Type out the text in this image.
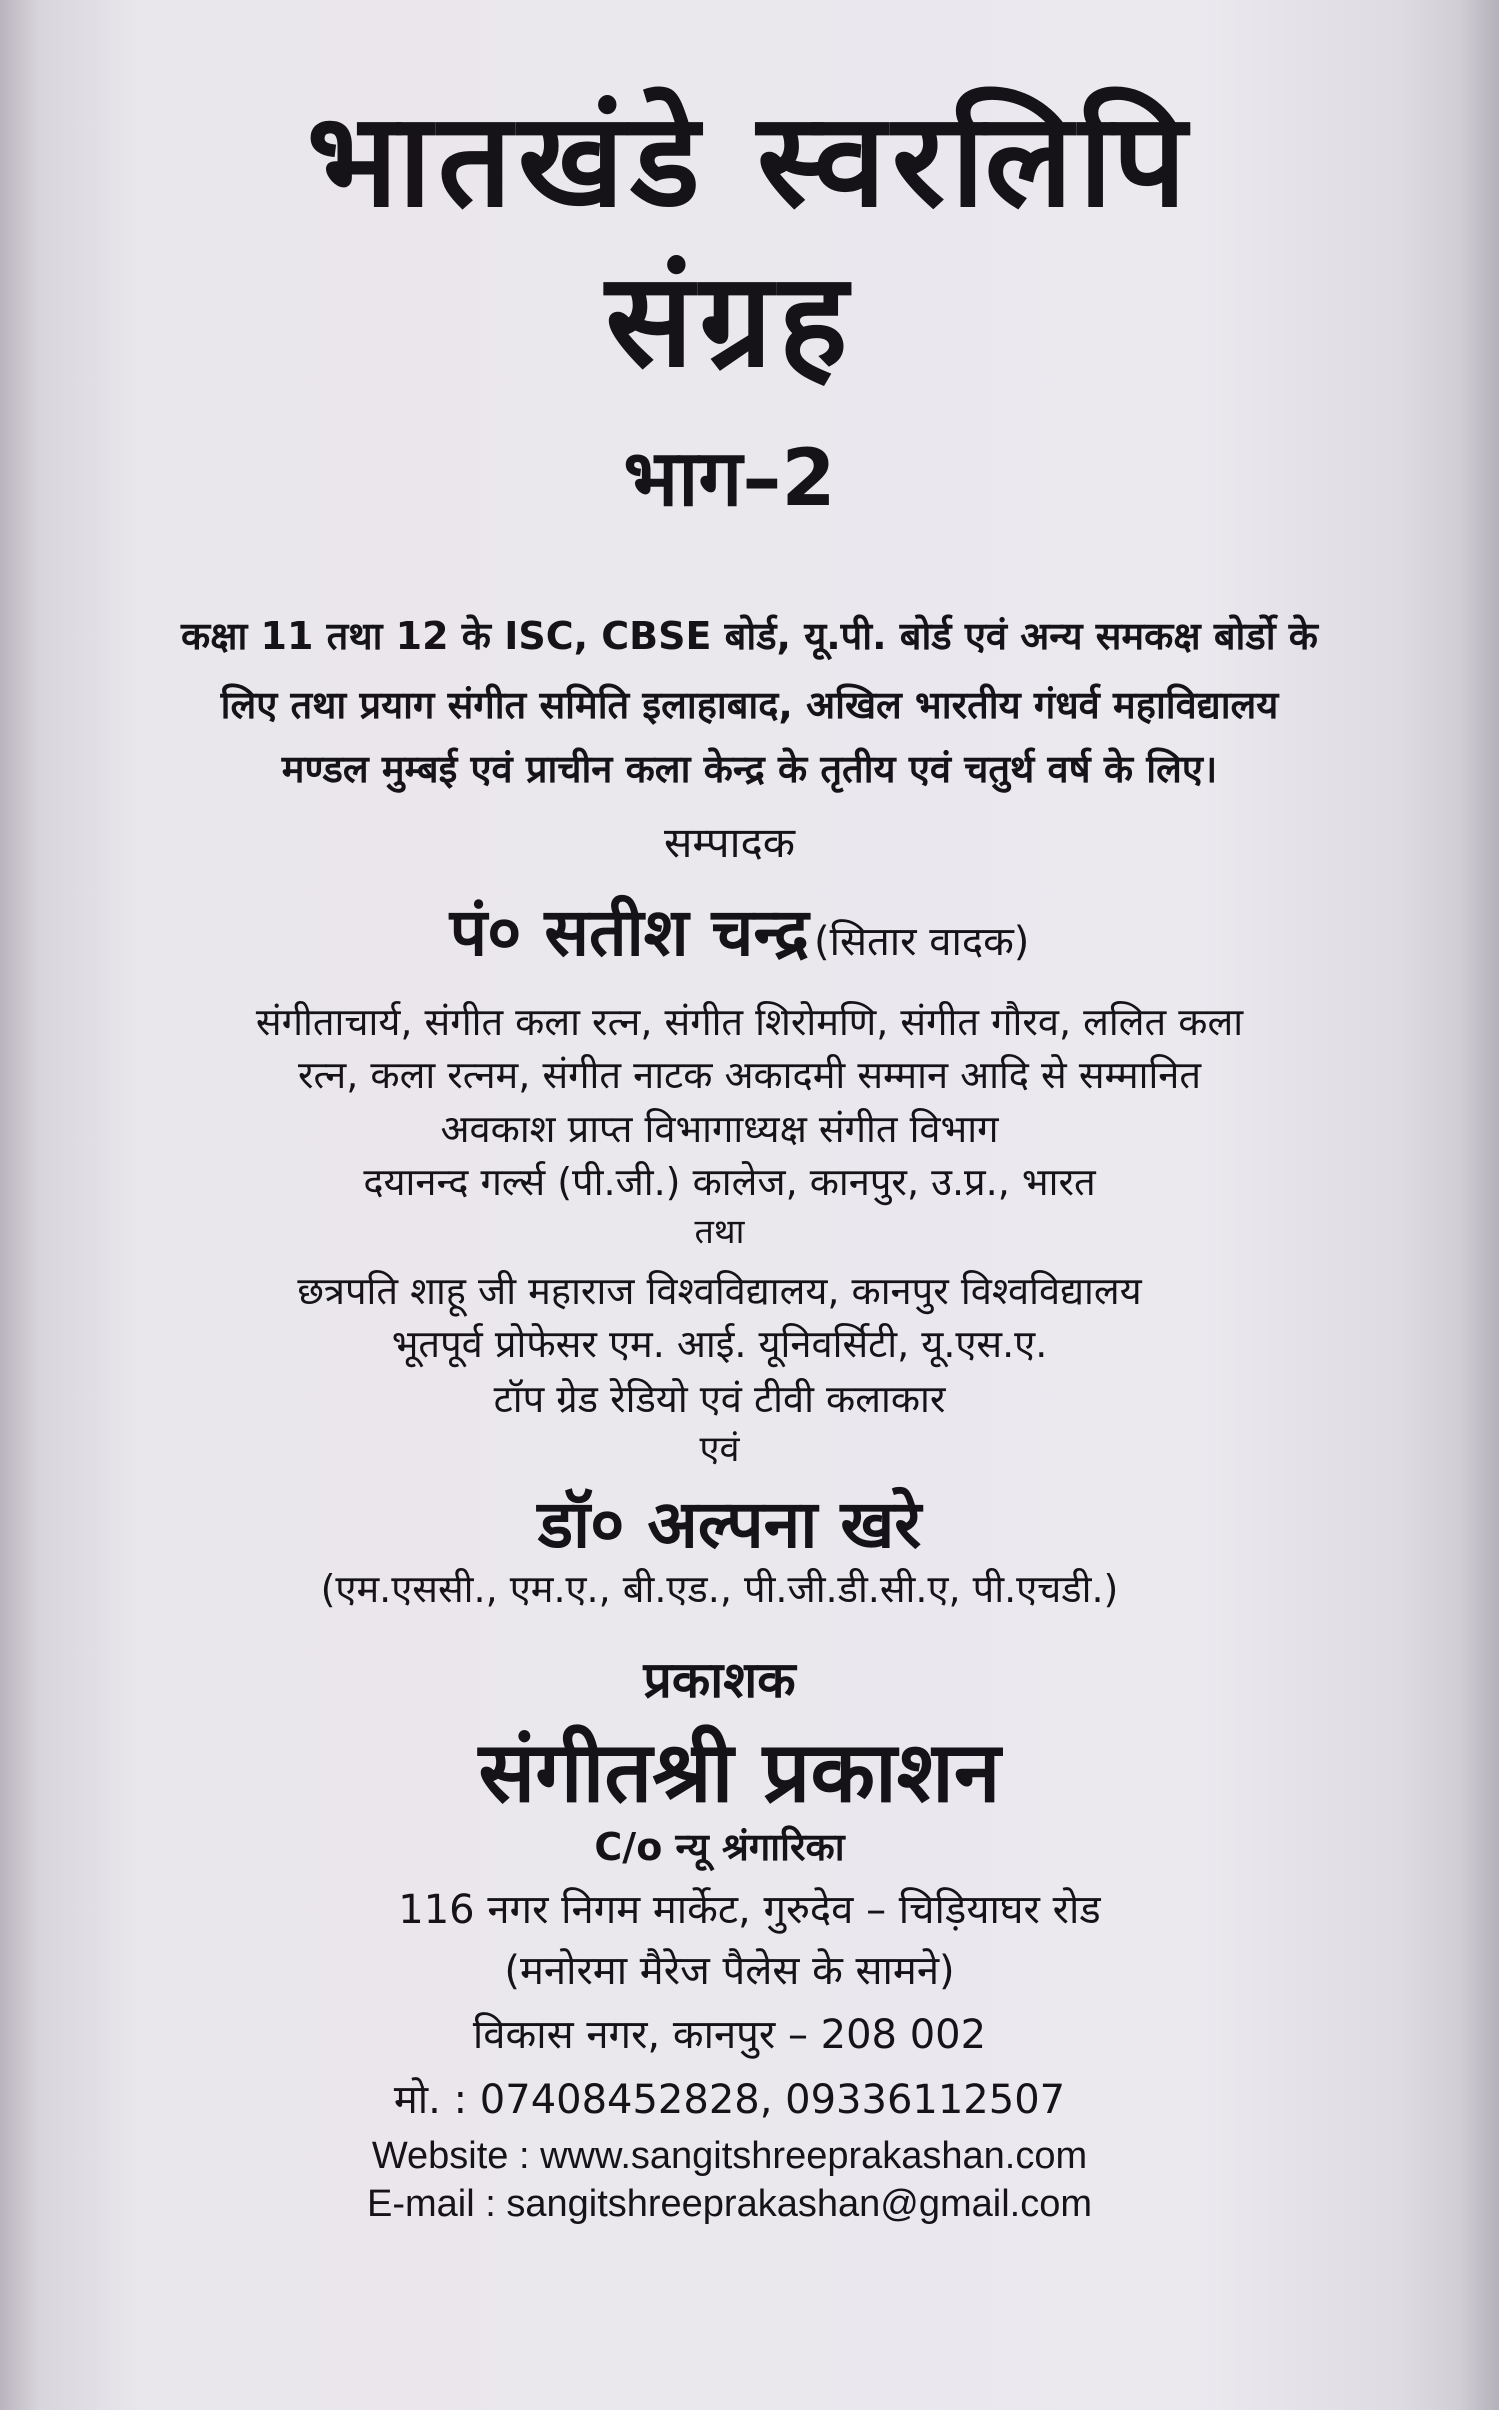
भातखंडे स्वरलिपि
संग्रह
भाग–2
कक्षा 11 तथा 12 के ISC, CBSE बोर्ड, यू.पी. बोर्ड एवं अन्य समकक्ष बोर्डो के
लिए तथा प्रयाग संगीत समिति इलाहाबाद, अखिल भारतीय गंधर्व महाविद्यालय
मण्डल मुम्बई एवं प्राचीन कला केन्द्र के तृतीय एवं चतुर्थ वर्ष के लिए।
सम्पादक
पं० सतीश चन्द्र (सितार वादक)
संगीताचार्य, संगीत कला रत्न, संगीत शिरोमणि, संगीत गौरव, ललित कला
रत्न, कला रत्नम, संगीत नाटक अकादमी सम्मान आदि से सम्मानित
अवकाश प्राप्त विभागाध्यक्ष संगीत विभाग
दयानन्द गर्ल्स (पी.जी.) कालेज, कानपुर, उ.प्र., भारत
तथा
छत्रपति शाहू जी महाराज विश्वविद्यालय, कानपुर विश्वविद्यालय
भूतपूर्व प्रोफेसर एम. आई. यूनिवर्सिटी, यू.एस.ए.
टॉप ग्रेड रेडियो एवं टीवी कलाकार
एवं
डॉ० अल्पना खरे
(एम.एससी., एम.ए., बी.एड., पी.जी.डी.सी.ए, पी.एचडी.)
प्रकाशक
संगीतश्री प्रकाशन
C/o न्यू श्रंगारिका
116 नगर निगम मार्केट, गुरुदेव – चिड़ियाघर रोड
(मनोरमा मैरेज पैलेस के सामने)
विकास नगर, कानपुर – 208 002
मो. : 07408452828, 09336112507
Website : www.sangitshreeprakashan.com
E-mail : sangitshreeprakashan@gmail.com
